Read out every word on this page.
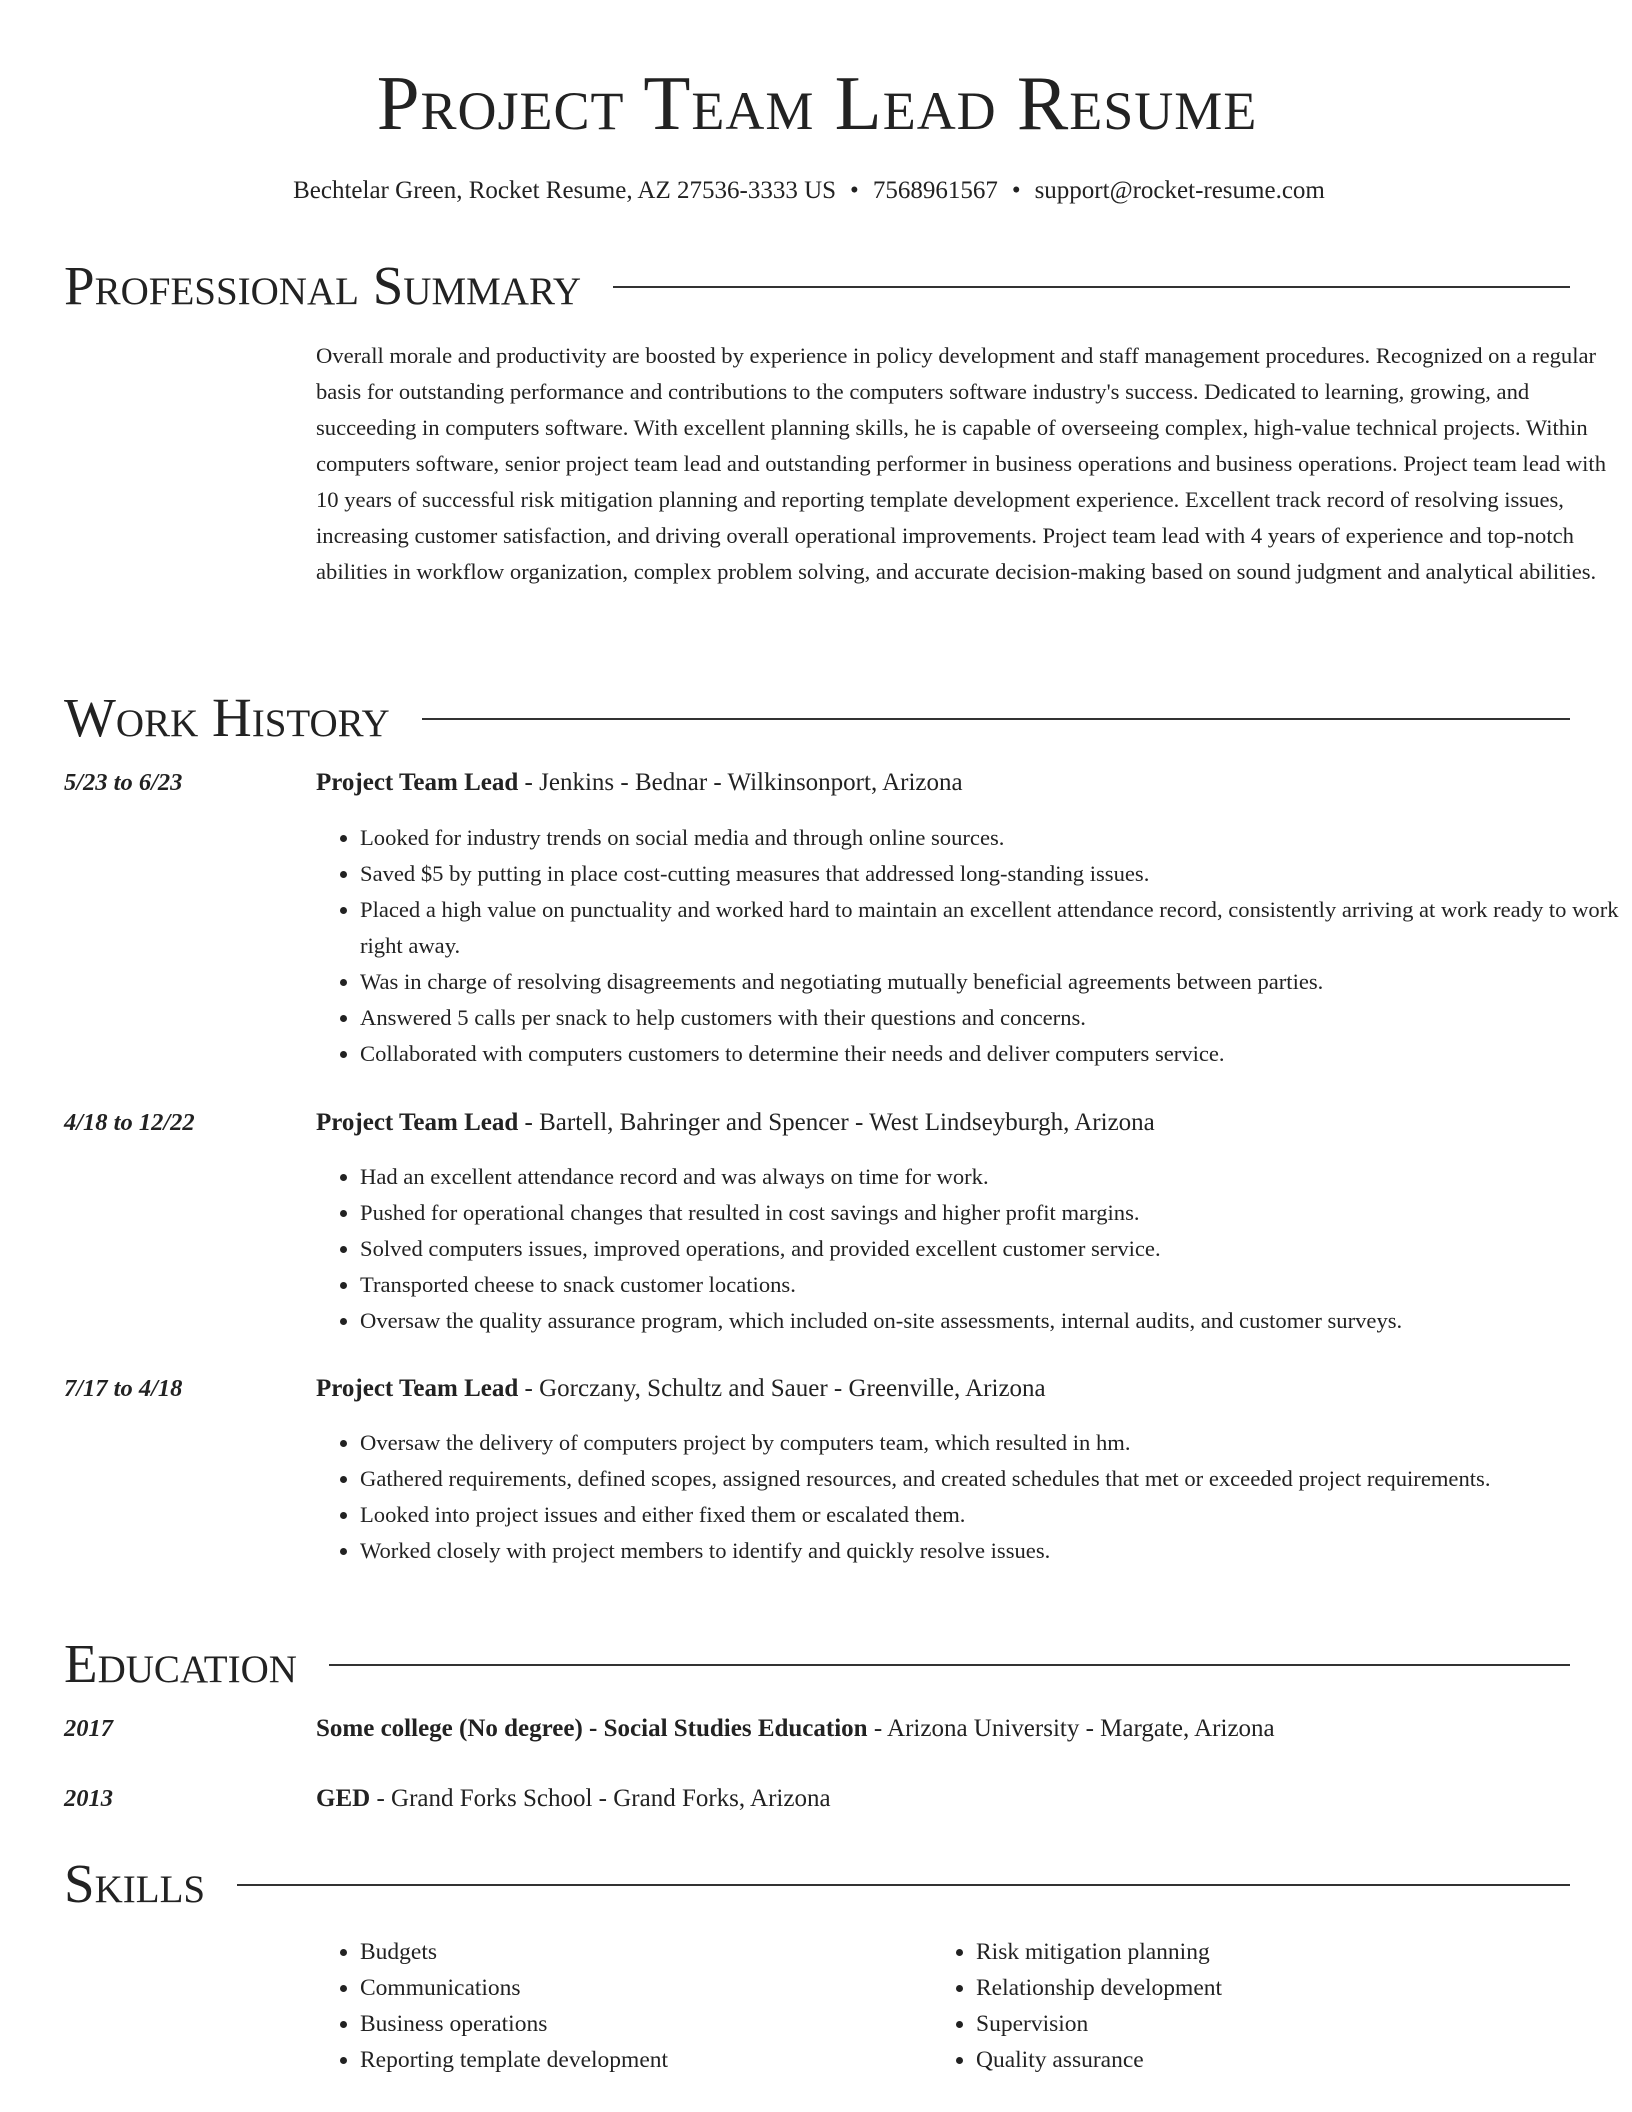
Project Team Lead Resume
Bechtelar Green, Rocket Resume, AZ 27536-3333 US • 7568961567 • support@rocket-resume.com
Professional Summary
Overall morale and productivity are boosted by experience in policy development and staff management procedures. Recognized on a regular basis for outstanding performance and contributions to the computers software industry's success. Dedicated to learning, growing, and succeeding in computers software. With excellent planning skills, he is capable of overseeing complex, high-value technical projects. Within computers software, senior project team lead and outstanding performer in business operations and business operations. Project team lead with 10 years of successful risk mitigation planning and reporting template development experience. Excellent track record of resolving issues, increasing customer satisfaction, and driving overall operational improvements. Project team lead with 4 years of experience and top-notch abilities in workflow organization, complex problem solving, and accurate decision-making based on sound judgment and analytical abilities.
Work History
5/23 to 6/23	Project Team Lead - Jenkins - Bednar - Wilkinsonport, Arizona
• Looked for industry trends on social media and through online sources.
• Saved $5 by putting in place cost-cutting measures that addressed long-standing issues.
• Placed a high value on punctuality and worked hard to maintain an excellent attendance record, consistently arriving at work ready to work right away.
• Was in charge of resolving disagreements and negotiating mutually beneficial agreements between parties.
• Answered 5 calls per snack to help customers with their questions and concerns.
• Collaborated with computers customers to determine their needs and deliver computers service.
4/18 to 12/22	Project Team Lead - Bartell, Bahringer and Spencer - West Lindseyburgh, Arizona
• Had an excellent attendance record and was always on time for work.
• Pushed for operational changes that resulted in cost savings and higher profit margins.
• Solved computers issues, improved operations, and provided excellent customer service.
• Transported cheese to snack customer locations.
• Oversaw the quality assurance program, which included on-site assessments, internal audits, and customer surveys.
7/17 to 4/18	Project Team Lead - Gorczany, Schultz and Sauer - Greenville, Arizona
• Oversaw the delivery of computers project by computers team, which resulted in hm.
• Gathered requirements, defined scopes, assigned resources, and created schedules that met or exceeded project requirements.
• Looked into project issues and either fixed them or escalated them.
• Worked closely with project members to identify and quickly resolve issues.
Education
2017	Some college (No degree) - Social Studies Education - Arizona University - Margate, Arizona
2013	GED - Grand Forks School - Grand Forks, Arizona
Skills
• Budgets
• Communications
• Business operations
• Reporting template development
• Risk mitigation planning
• Relationship development
• Supervision
• Quality assurance
